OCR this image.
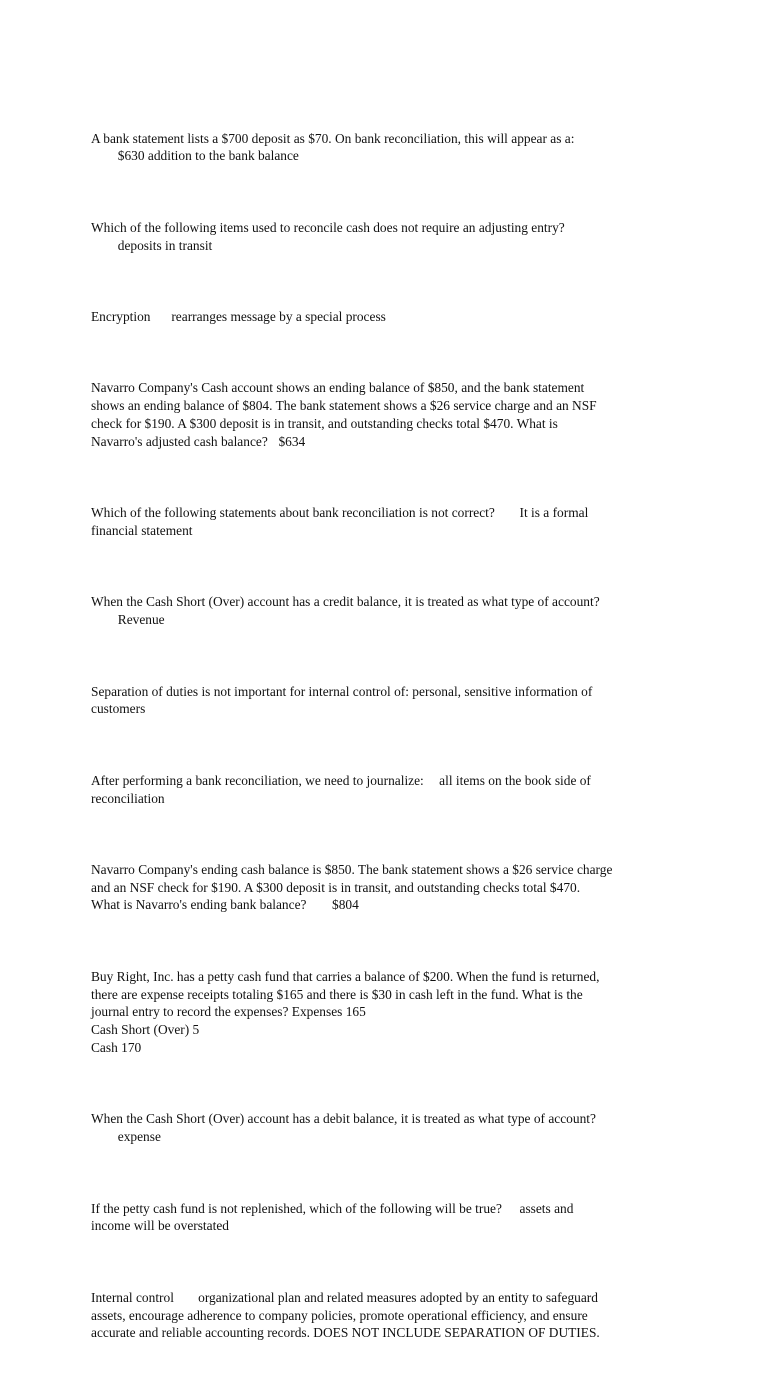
A bank statement lists a $700 deposit as $70. On bank reconciliation, this will appear as a:
	$630 addition to the bank balance

Which of the following items used to reconcile cash does not require an adjusting entry?
	deposits in transit

Encryption	rearranges message by a special process

Navarro Company's Cash account shows an ending balance of $850, and the bank statement
shows an ending balance of $804. The bank statement shows a $26 service charge and an NSF
check for $190. A $300 deposit is in transit, and outstanding checks total $470. What is
Navarro's adjusted cash balance?	$634

Which of the following statements about bank reconciliation is not correct?	It is a formal
financial statement

When the Cash Short (Over) account has a credit balance, it is treated as what type of account?
	Revenue

Separation of duties is not important for internal control of: personal, sensitive information of
customers

After performing a bank reconciliation, we need to journalize:	all items on the book side of
reconciliation

Navarro Company's ending cash balance is $850. The bank statement shows a $26 service charge
and an NSF check for $190. A $300 deposit is in transit, and outstanding checks total $470.
What is Navarro's ending bank balance?	$804

Buy Right, Inc. has a petty cash fund that carries a balance of $200. When the fund is returned,
there are expense receipts totaling $165 and there is $30 in cash left in the fund. What is the
journal entry to record the expenses? Expenses 165
Cash Short (Over) 5
Cash 170

When the Cash Short (Over) account has a debit balance, it is treated as what type of account?
	expense

If the petty cash fund is not replenished, which of the following will be true?	assets and
income will be overstated

Internal control	organizational plan and related measures adopted by an entity to safeguard
assets, encourage adherence to company policies, promote operational efficiency, and ensure
accurate and reliable accounting records. DOES NOT INCLUDE SEPARATION OF DUTIES.
